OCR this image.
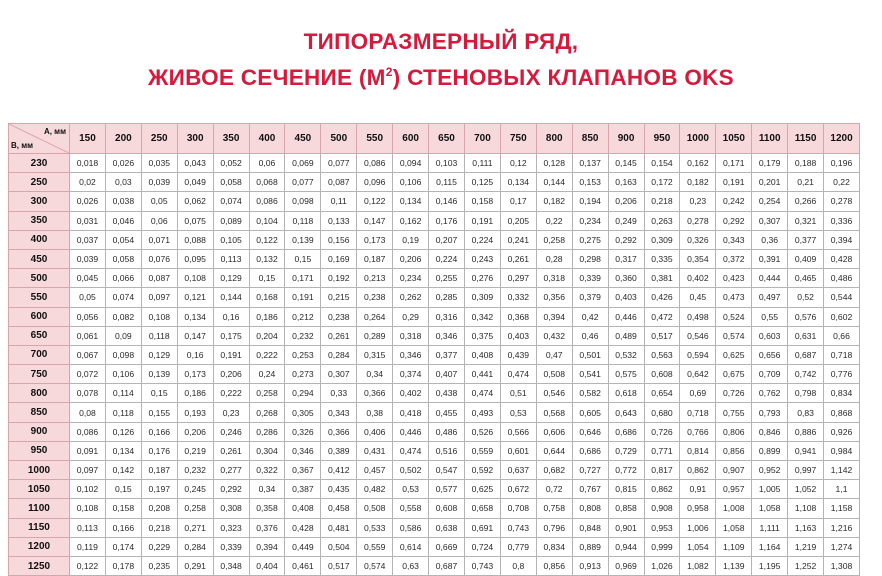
ТИПОРАЗМЕРНЫЙ РЯД,
ЖИВОЕ СЕЧЕНИЕ $(М^2)$ СТЕНОВЫХ КЛАПАНОВ OKS
А, мм
В, мм	150	200	250	300	350	400	450	500	550	600	650	700	750	800	850	900	950	1000	1050	1100	1150	1200
230	0,018	0,026	0,035	0,043	0,052	0,06	0,069	0,077	0,086	0,094	0,103	0,111	0,12	0,128	0,137	0,145	0,154	0,162	0,171	0,179	0,188	0,196
250	0,02	0,03	0,039	0,049	0,058	0,068	0,077	0,087	0,096	0,106	0,115	0,125	0,134	0,144	0,153	0,163	0,172	0,182	0,191	0,201	0,21	0,22
300	0,026	0,038	0,05	0,062	0,074	0,086	0,098	0,11	0,122	0,134	0,146	0,158	0,17	0,182	0,194	0,206	0,218	0,23	0,242	0,254	0,266	0,278
350	0,031	0,046	0,06	0,075	0,089	0,104	0,118	0,133	0,147	0,162	0,176	0,191	0,205	0,22	0,234	0,249	0,263	0,278	0,292	0,307	0,321	0,336
400	0,037	0,054	0,071	0,088	0,105	0,122	0,139	0,156	0,173	0,19	0,207	0,224	0,241	0,258	0,275	0,292	0,309	0,326	0,343	0,36	0,377	0,394
450	0,039	0,058	0,076	0,095	0,113	0,132	0,15	0,169	0,187	0,206	0,224	0,243	0,261	0,28	0,298	0,317	0,335	0,354	0,372	0,391	0,409	0,428
500	0,045	0,066	0,087	0,108	0,129	0,15	0,171	0,192	0,213	0,234	0,255	0,276	0,297	0,318	0,339	0,360	0,381	0,402	0,423	0,444	0,465	0,486
550	0,05	0,074	0,097	0,121	0,144	0,168	0,191	0,215	0,238	0,262	0,285	0,309	0,332	0,356	0,379	0,403	0,426	0,45	0,473	0,497	0,52	0,544
600	0,056	0,082	0,108	0,134	0,16	0,186	0,212	0,238	0,264	0,29	0,316	0,342	0,368	0,394	0,42	0,446	0,472	0,498	0,524	0,55	0,576	0,602
650	0,061	0,09	0,118	0,147	0,175	0,204	0,232	0,261	0,289	0,318	0,346	0,375	0,403	0,432	0,46	0,489	0,517	0,546	0,574	0,603	0,631	0,66
700	0,067	0,098	0,129	0,16	0,191	0,222	0,253	0,284	0,315	0,346	0,377	0,408	0,439	0,47	0,501	0,532	0,563	0,594	0,625	0,656	0,687	0,718
750	0,072	0,106	0,139	0,173	0,206	0,24	0,273	0,307	0,34	0,374	0,407	0,441	0,474	0,508	0,541	0,575	0,608	0,642	0,675	0,709	0,742	0,776
800	0,078	0,114	0,15	0,186	0,222	0,258	0,294	0,33	0,366	0,402	0,438	0,474	0,51	0,546	0,582	0,618	0,654	0,69	0,726	0,762	0,798	0,834
850	0,08	0,118	0,155	0,193	0,23	0,268	0,305	0,343	0,38	0,418	0,455	0,493	0,53	0,568	0,605	0,643	0,680	0,718	0,755	0,793	0,83	0,868
900	0,086	0,126	0,166	0,206	0,246	0,286	0,326	0,366	0,406	0,446	0,486	0,526	0,566	0,606	0,646	0,686	0,726	0,766	0,806	0,846	0,886	0,926
950	0,091	0,134	0,176	0,219	0,261	0,304	0,346	0,389	0,431	0,474	0,516	0,559	0,601	0,644	0,686	0,729	0,771	0,814	0,856	0,899	0,941	0,984
1000	0,097	0,142	0,187	0,232	0,277	0,322	0,367	0,412	0,457	0,502	0,547	0,592	0,637	0,682	0,727	0,772	0,817	0,862	0,907	0,952	0,997	1,142
1050	0,102	0,15	0,197	0,245	0,292	0,34	0,387	0,435	0,482	0,53	0,577	0,625	0,672	0,72	0,767	0,815	0,862	0,91	0,957	1,005	1,052	1,1
1100	0,108	0,158	0,208	0,258	0,308	0,358	0,408	0,458	0,508	0,558	0,608	0,658	0,708	0,758	0,808	0,858	0,908	0,958	1,008	1,058	1,108	1,158
1150	0,113	0,166	0,218	0,271	0,323	0,376	0,428	0,481	0,533	0,586	0,638	0,691	0,743	0,796	0,848	0,901	0,953	1,006	1,058	1,111	1,163	1,216
1200	0,119	0,174	0,229	0,284	0,339	0,394	0,449	0,504	0,559	0,614	0,669	0,724	0,779	0,834	0,889	0,944	0,999	1,054	1,109	1,164	1,219	1,274
1250	0,122	0,178	0,235	0,291	0,348	0,404	0,461	0,517	0,574	0,63	0,687	0,743	0,8	0,856	0,913	0,969	1,026	1,082	1,139	1,195	1,252	1,308
